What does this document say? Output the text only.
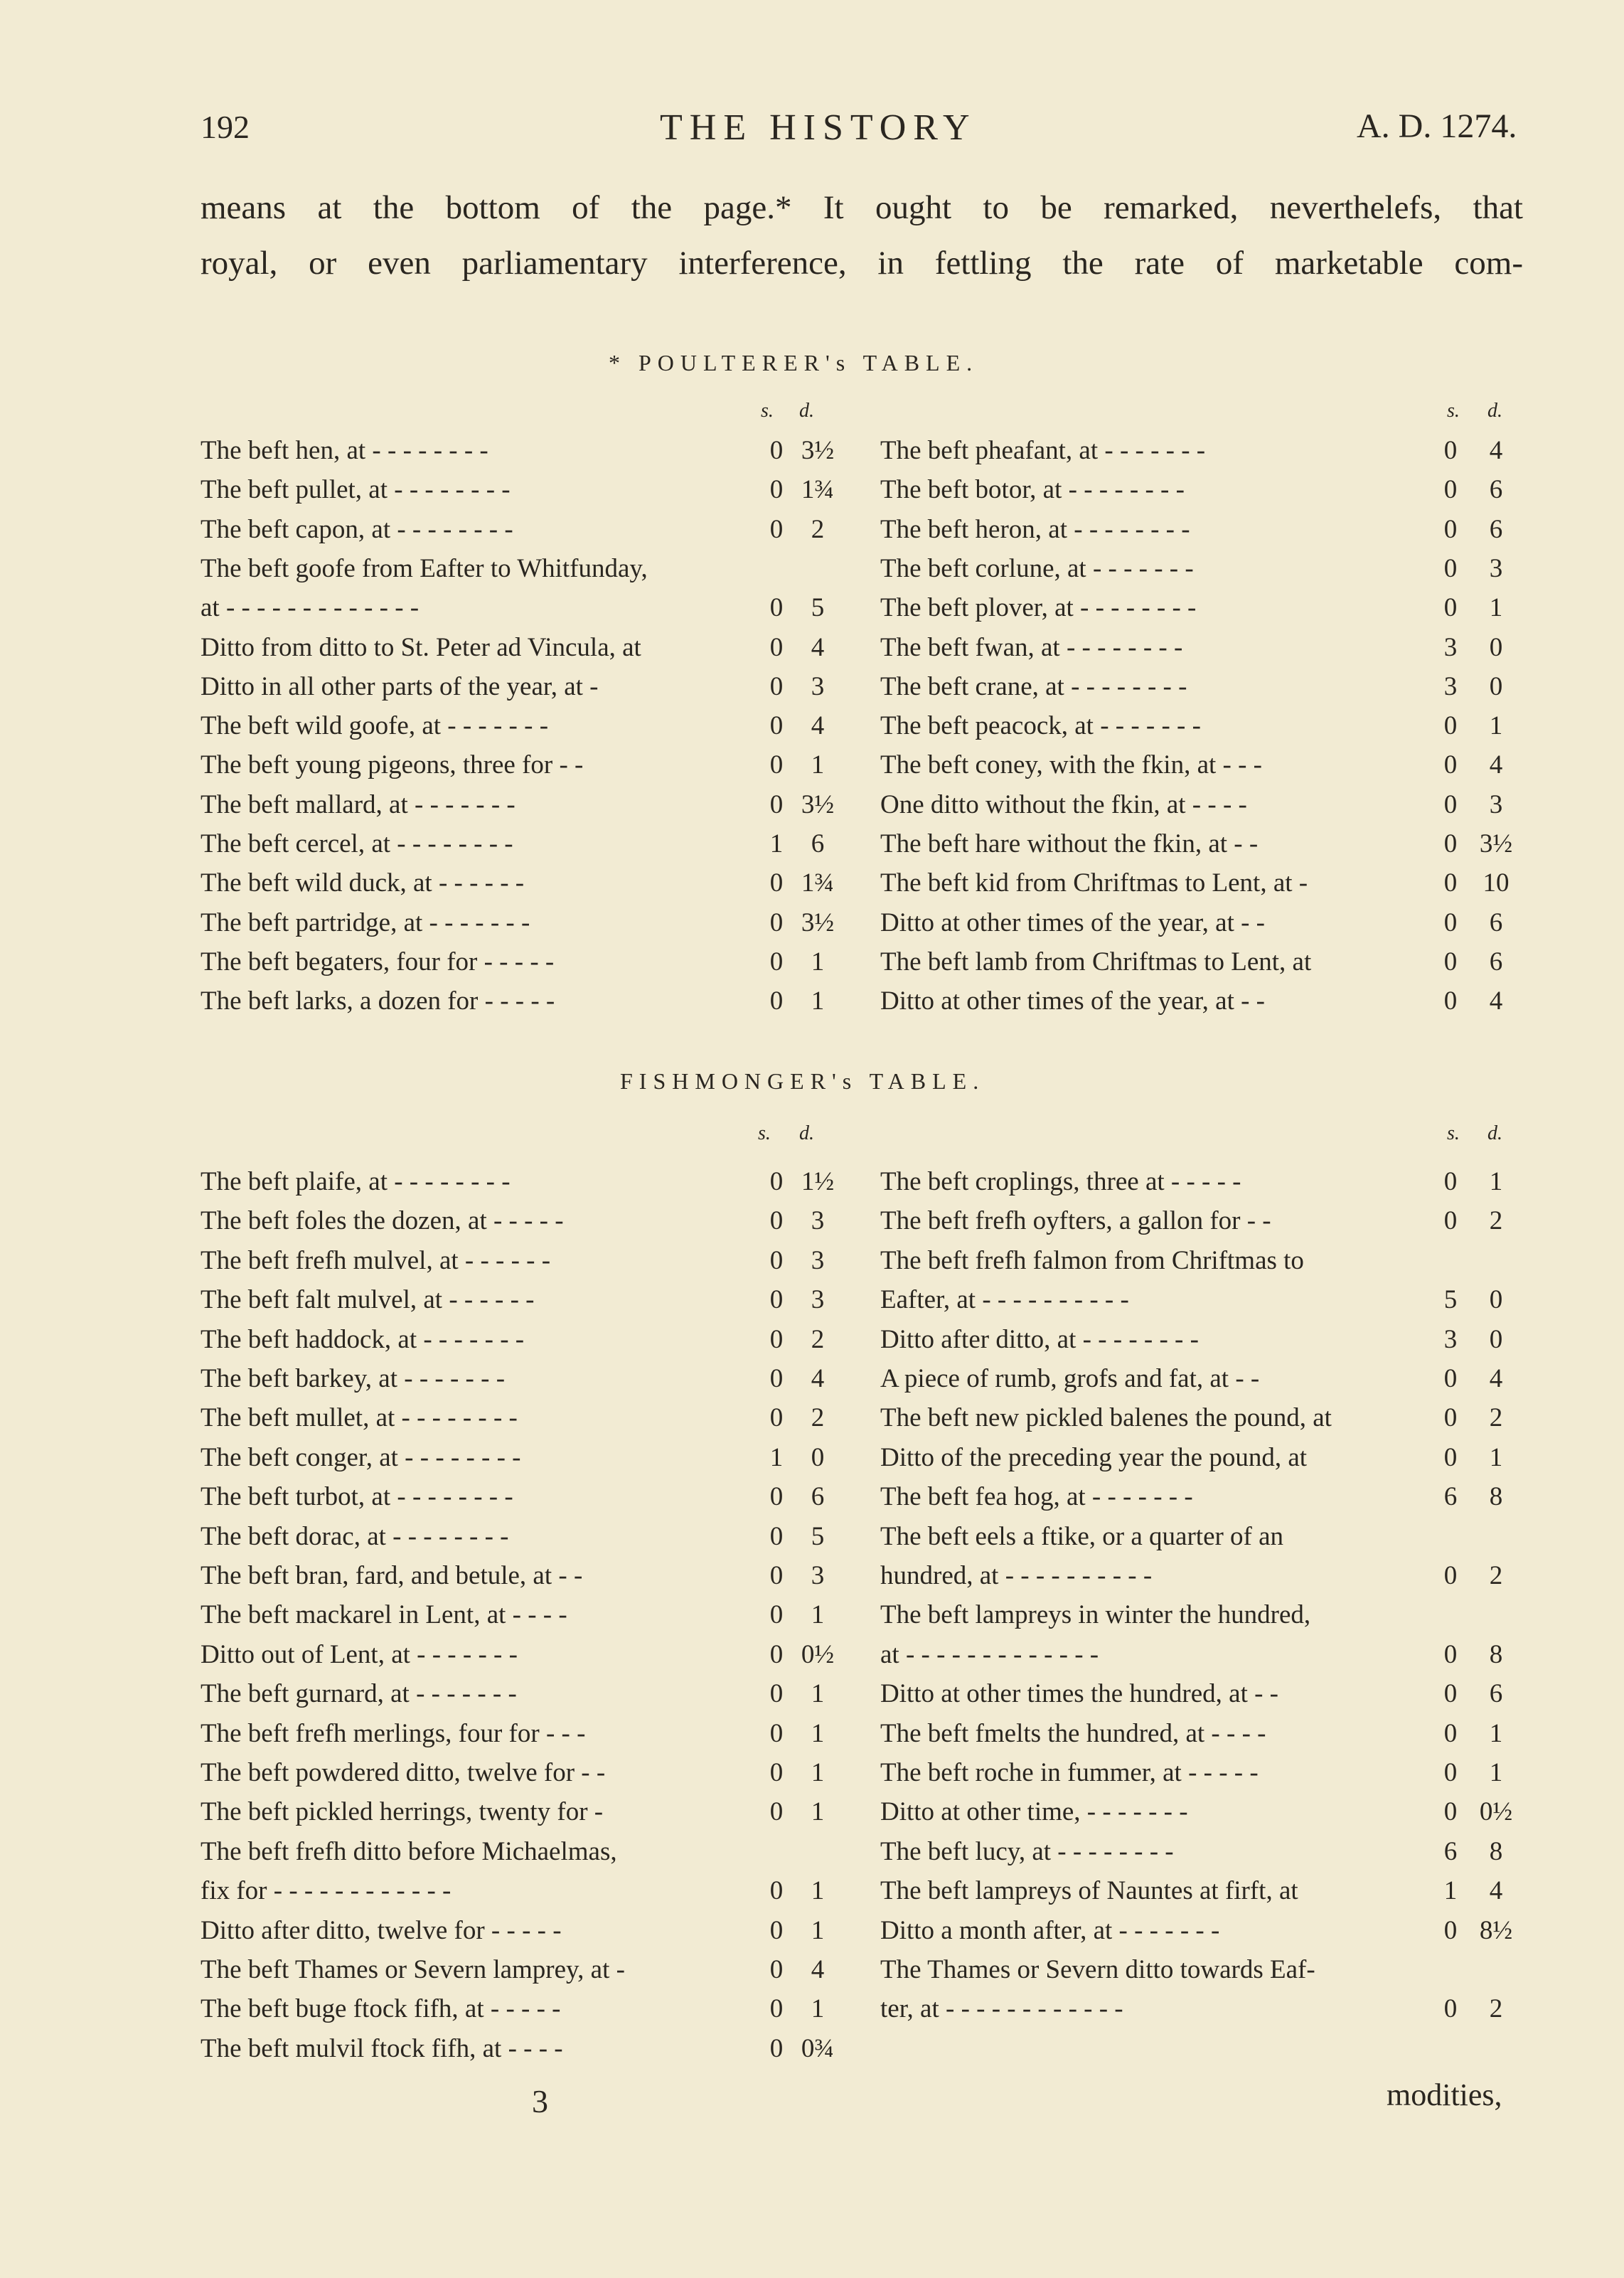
192	THE HISTORY	A. D. 1274.
means at the bottom of the page.* It ought to be remarked, neverthelefs, that
royal, or even parliamentary interference, in fettling the rate of marketable com-
* POULTERER's TABLE.
s. d.	s. d.
The beft hen, at - - - - - - - -	0 3½
The beft pullet, at - - - - - - - -	0 1¾
The beft capon, at - - - - - - - -	0	2
The beft goofe from Eafter to Whitfunday,
at - - - - - - - - - - - - -	0	5
Ditto from ditto to St. Peter ad Vincula, at	0	4
Ditto in all other parts of the year, at -	0	3
The beft wild goofe, at - - - - - - -	0	4
The beft young pigeons, three for - -	0	1
The beft mallard, at - - - - - - -	0 3½
The beft cercel, at - - - - - - - -	1	6
The beft wild duck, at - - - - - -	0 1¾
The beft partridge, at - - - - - - -	0 3½
The beft begaters, four for - - - - -	0	1
The beft larks, a dozen for - - - - -	0	1
The beft pheafant, at - - - - - - -	0	4
The beft botor, at - - - - - - - -	0	6
The beft heron, at - - - - - - - -	0	6
The beft corlune, at - - - - - - -	0	3
The beft plover, at - - - - - - - -	0	1
The beft fwan, at - - - - - - - -	3	0
The beft crane, at - - - - - - - -	3	0
The beft peacock, at - - - - - - -	0	1
The beft coney, with the fkin, at - - -	0	4
One ditto without the fkin, at - - - -	0	3
The beft hare without the fkin, at - -	0 3½
The beft kid from Chriftmas to Lent, at -	0 10
Ditto at other times of the year, at - -	0	6
The beft lamb from Chriftmas to Lent, at	0	6
Ditto at other times of the year, at - -	0	4
FISHMONGER's TABLE.
s. d.	s. d.
The beft plaife, at - - - - - - - -	0 1½
The beft foles the dozen, at - - - - -	0	3
The beft frefh mulvel, at - - - - - -	0	3
The beft falt mulvel, at - - - - - -	0	3
The beft haddock, at - - - - - - -	0	2
The beft barkey, at - - - - - - -	0	4
The beft mullet, at - - - - - - - -	0	2
The beft conger, at - - - - - - - -	1	0
The beft turbot, at - - - - - - - -	0	6
The beft dorac, at - - - - - - - -	0	5
The beft bran, fard, and betule, at - -	0	3
The beft mackarel in Lent, at - - - -	0	1
Ditto out of Lent, at - - - - - - -	0 0½
The beft gurnard, at - - - - - - -	0	1
The beft frefh merlings, four for - - -	0	1
The beft powdered ditto, twelve for - -	0	1
The beft pickled herrings, twenty for -	0	1
The beft frefh ditto before Michaelmas,
fix for - - - - - - - - - - - -	0	1
Ditto after ditto, twelve for - - - - -	0	1
The beft Thames or Severn lamprey, at -	0	4
The beft buge ftock fifh, at - - - - -	0	1
The beft mulvil ftock fifh, at - - - -	0 0¾
The beft croplings, three at - - - - -	0	1
The beft frefh oyfters, a gallon for - -	0	2
The beft frefh falmon from Chriftmas to
Eafter, at - - - - - - - - - -	5	0
Ditto after ditto, at - - - - - - - -	3	0
A piece of rumb, grofs and fat, at - -	0	4
The beft new pickled balenes the pound, at	0	2
Ditto of the preceding year the pound, at	0	1
The beft fea hog, at - - - - - - -	6	8
The beft eels a ftike, or a quarter of an
hundred, at - - - - - - - - - -	0	2
The beft lampreys in winter the hundred,
at - - - - - - - - - - - - -	0	8
Ditto at other times the hundred, at - -	0	6
The beft fmelts the hundred, at - - - -	0	1
The beft roche in fummer, at - - - - -	0	1
Ditto at other time, - - - - - - -	0 0½
The beft lucy, at - - - - - - - -	6	8
The beft lampreys of Nauntes at firft, at	1	4
Ditto a month after, at - - - - - - -	0 8½
The Thames or Severn ditto towards Eaf-
ter, at - - - - - - - - - - - -	0	2
3	modities,
